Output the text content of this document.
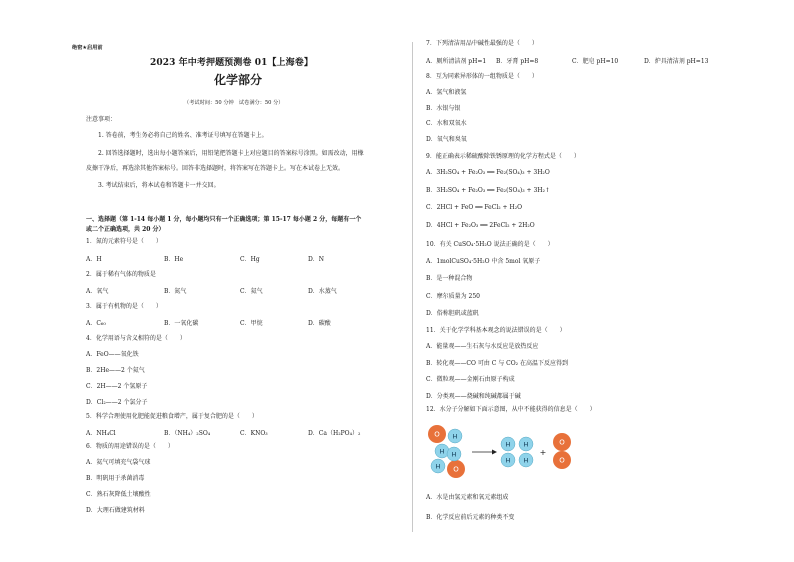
绝密★启用前
2023 年中考押题预测卷 01【上海卷】
化学部分
（考试时间：50 分钟　试卷满分：50 分）
注意事项：
1. 答卷前，考生务必将自己的姓名、准考证号填写在答题卡上。
2. 回答选择题时，选出每小题答案后，用铅笔把答题卡上对应题目的答案标号涂黑。如需改动，用橡
皮擦干净后，再选涂其他答案标号。回答非选择题时，将答案写在答题卡上。写在本试卷上无效。
3. 考试结束后，将本试卷和答题卡一并交回。
一、选择题（第 1-14 每小题 1 分，每小题均只有一个正确选项；第 15-17 每小题 2 分，每题有一个
或二个正确选项，共 20 分）
1．氮的元素符号是（　　）
A．H	B．He	C．Hg	D．N
2．属于稀有气体的物质是
A．氧气	B．氮气	C．氦气	D．水蒸气
3．属于有机物的是（　　）
A．C₆₀	B．一氧化碳	C．甲烷	D．碳酸
4．化学用语与含义相符的是（　　）
A．FeO——氧化铁
B．2He——2 个氦气
C．2H——2 个氢原子
D．Cl₂——2 个氯分子
5．科学合理使用化肥能促进粮食增产，属于复合肥的是（　　）
A．NH₄Cl	B．（NH₄）₂SO₄	C．KNO₃	D．Ca（H₂PO₄）₂
6．物质的用途错误的是（　　）
A．氦气可填充气袋气球
B．明矾用于杀菌消毒
C．熟石灰降低土壤酸性
D．大理石做建筑材料
7．下列清洁用品中碱性最强的是（　　）
A．厕所清洁剂 pH=1 B．牙膏 pH=8	C．肥皂 pH=10	D．炉具清洁剂 pH=13
8．互为同素异形体的一组物质是（　　）
A．氢气和液氢
B．水银与银
C．水和双氧水
D．氧气和臭氧
9．能正确表示稀硫酸除铁锈原理的化学方程式是（　　）
A．3H₂SO₄ + Fe₂O₃ ══ Fe₂(SO₄)₃ + 3H₂O
B．3H₂SO₄ + Fe₂O₃ ══ Fe₂(SO₄)₃ + 3H₂↑
C．2HCl + FeO ══ FeCl₂ + H₂O
D．4HCl + Fe₂O₃ ══ 2FeCl₂ + 2H₂O
10．有关 CuSO₄·5H₂O 说法正确的是（　　）
A．1molCuSO₄·5H₂O 中含 5mol 氧原子
B．是一种混合物
C．摩尔质量为 250
D．俗称胆矾或蓝矾
11．关于化学学科基本观念的说法错误的是（　　）
A．能量观——生石灰与水反应是放热反应
B．转化观——CO 可由 C 与 CO₂ 在高温下反应得到
C．微粒观——金刚石由原子构成
D．分类观——烧碱和纯碱都属于碱
12．水分子分解如下面示意图，从中不能获得的信息是（　　）
A．水是由氢元素和氧元素组成
B．化学反应前后元素的种类不变
O H
H
H O
H
H H
H H
+
O
O
